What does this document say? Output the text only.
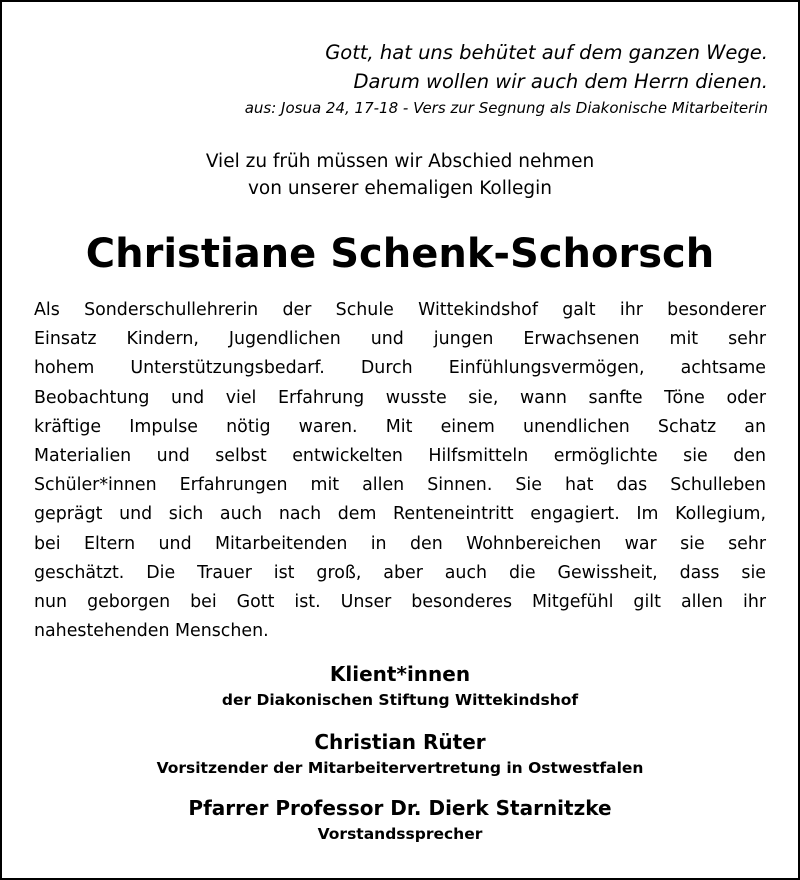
Gott, hat uns behütet auf dem ganzen Wege.
Darum wollen wir auch dem Herrn dienen.
aus: Josua 24, 17-18 - Vers zur Segnung als Diakonische Mitarbeiterin
Viel zu früh müssen wir Abschied nehmen
von unserer ehemaligen Kollegin
Christiane Schenk-Schorsch
Als Sonderschullehrerin der Schule Wittekindshof galt ihr besonderer
Einsatz Kindern, Jugendlichen und jungen Erwachsenen mit sehr
hohem Unterstützungsbedarf. Durch Einfühlungsvermögen, achtsame
Beobachtung und viel Erfahrung wusste sie, wann sanfte Töne oder
kräftige Impulse nötig waren. Mit einem unendlichen Schatz an
Materialien und selbst entwickelten Hilfsmitteln ermöglichte sie den
Schüler*innen Erfahrungen mit allen Sinnen. Sie hat das Schulleben
geprägt und sich auch nach dem Renteneintritt engagiert. Im Kollegium,
bei Eltern und Mitarbeitenden in den Wohnbereichen war sie sehr
geschätzt. Die Trauer ist groß, aber auch die Gewissheit, dass sie
nun geborgen bei Gott ist. Unser besonderes Mitgefühl gilt allen ihr
nahestehenden Menschen.
Klient*innen
der Diakonischen Stiftung Wittekindshof
Christian Rüter
Vorsitzender der Mitarbeitervertretung in Ostwestfalen
Pfarrer Professor Dr. Dierk Starnitzke
Vorstandssprecher
